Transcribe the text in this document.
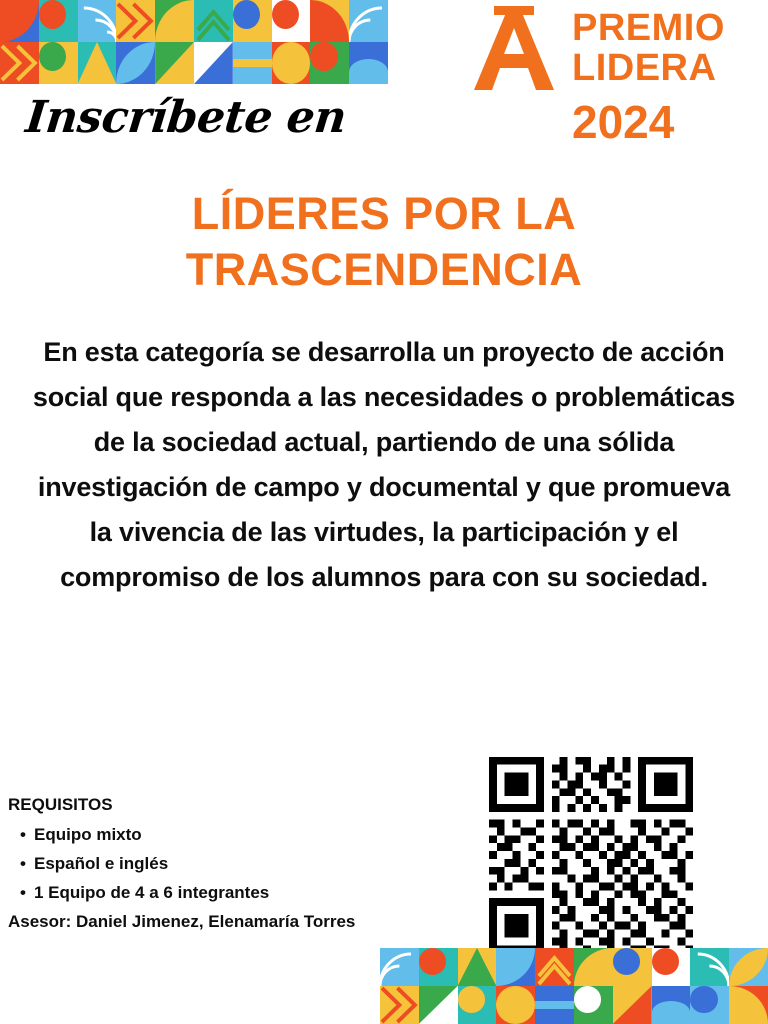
PREMIO
LIDERA
2024
Inscríbete en
LÍDERES POR LA TRASCENDENCIA
En esta categoría se desarrolla un proyecto de acción social que responda a las necesidades o problemáticas de la sociedad actual, partiendo de una sólida investigación de campo y documental y que promueva la vivencia de las virtudes, la participación y el compromiso de los alumnos para con su sociedad.

REQUISITOS

• Equipo mixto
• Español e inglés
• 1 Equipo de 4 a 6 integrantes

Asesor: Daniel Jimenez, Elenamaría Torres
